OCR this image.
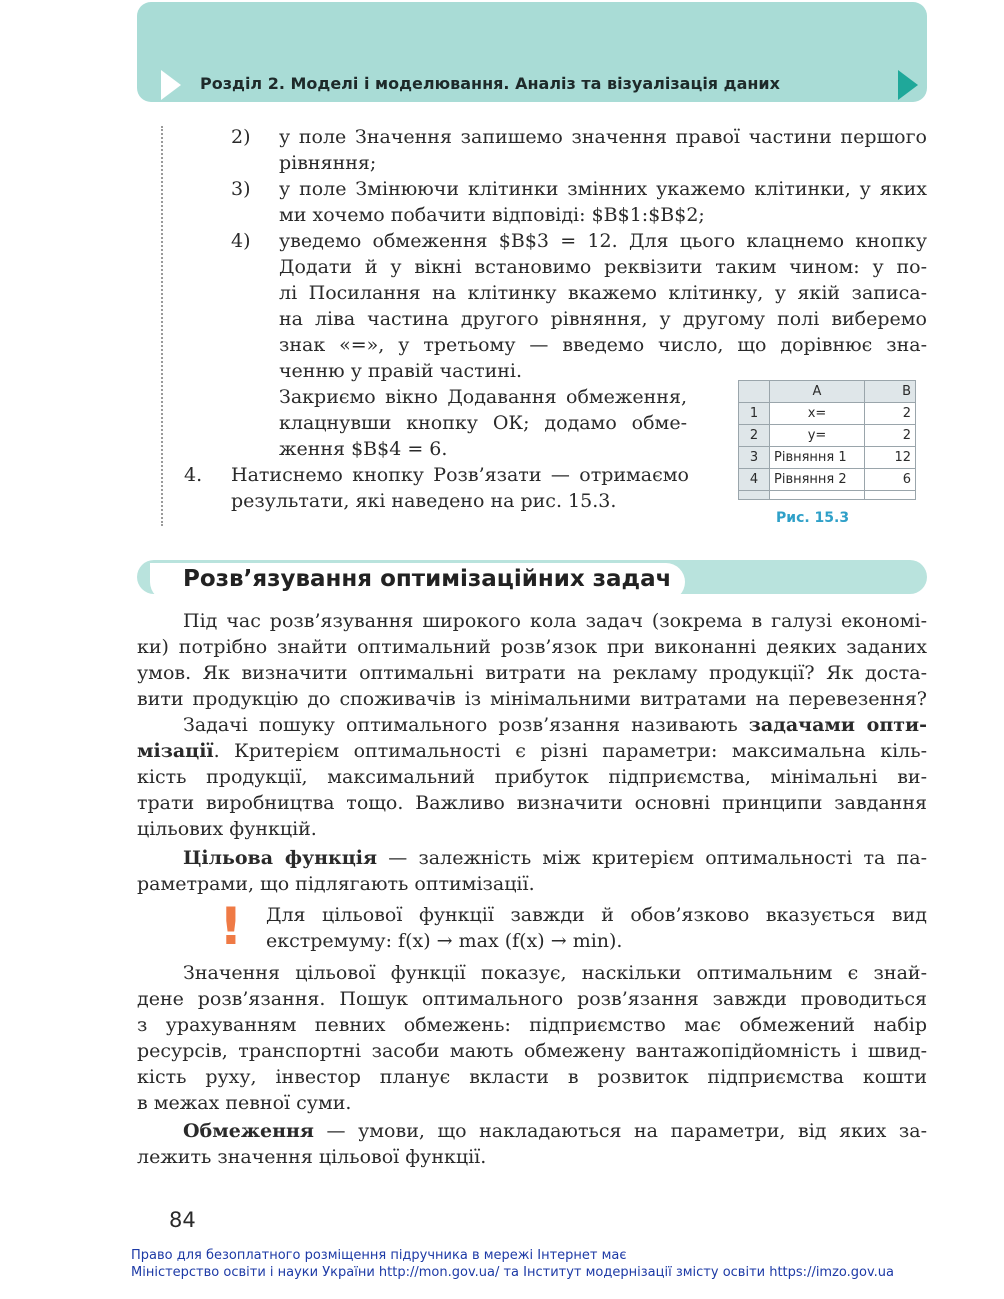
Розділ 2. Моделі і моделювання. Аналіз та візуалізація даних
2) у поле Значення запишемо значення правої частини першого
рівняння;
3) у поле Змінюючи клітинки змінних укажемо клітинки, у яких
ми хочемо побачити відповіді: $B$1:$B$2;
4) уведемо обмеження $B$3 = 12. Для цього клацнемо кнопку
Додати й у вікні встановимо реквізити таким чином: у по-
лі Посилання на клітинку вкажемо клітинку, у якій записа-
на ліва частина другого рівняння, у другому полі виберемо
знак «=», у третьому — введемо число, що дорівнює зна-
ченню у правій частині.
Закриємо вікно Додавання обмеження,
клацнувши кнопку ОК; додамо обме-
ження $B$4 = 6.
4. Натиснемо кнопку Розв’язати — отримаємо
результати, які наведено на рис. 15.3.
	A	B
1	x=	2
2	y=	2
3	Рівняння 1	12
4	Рівняння 2	6

Рис. 15.3
Розв’язування оптимізаційних задач
Під час розв’язування широкого кола задач (зокрема в галузі економі-
ки) потрібно знайти оптимальний розв’язок при виконанні деяких заданих
умов. Як визначити оптимальні витрати на рекламу продукції? Як доста-
вити продукцію до споживачів із мінімальними витратами на перевезення?
Задачі пошуку оптимального розв’язання називають задачами опти-
мізації. Критерієм оптимальності є різні параметри: максимальна кіль-
кість продукції, максимальний прибуток підприємства, мінімальні ви-
трати виробництва тощо. Важливо визначити основні принципи завдання
цільових функцій.
Цільова функція — залежність між критерієм оптимальності та па-
раметрами, що підлягають оптимізації.
! Для цільової функції завжди й обов’язково вказується вид
екстремуму: f(x) → max (f(x) → min).
Значення цільової функції показує, наскільки оптимальним є знай-
дене розв’язання. Пошук оптимального розв’язання завжди проводиться
з урахуванням певних обмежень: підприємство має обмежений набір
ресурсів, транспортні засоби мають обмежену вантажопідйомність і швид-
кість руху, інвестор планує вкласти в розвиток підприємства кошти
в межах певної суми.
Обмеження — умови, що накладаються на параметри, від яких за-
лежить значення цільової функції.
84
Право для безоплатного розміщення підручника в мережі Інтернет має
Міністерство освіти і науки України http://mon.gov.ua/ та Інститут модернізації змісту освіти https://imzo.gov.ua
